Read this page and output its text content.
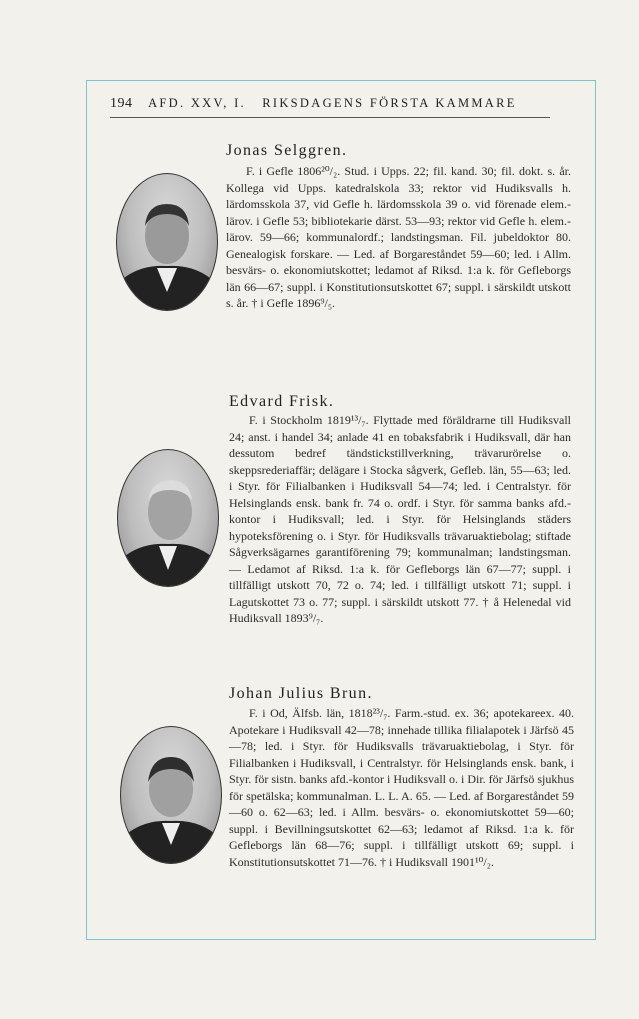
194 AFD. XXV, I. RIKSDAGENS FÖRSTA KAMMARE
Jonas Selggren.

F. i Gefle 1806²⁰/₂. Stud. i Upps. 22; fil. kand. 30; fil. dokt. s. år. Kollega vid Upps. katedralskola 33; rektor vid Hudiksvalls h. lärdomsskola 37, vid Gefle h. lärdomsskola 39 o. vid förenade elem.-lärov. i Gefle 53; bibliotekarie därst. 53—93; rektor vid Gefle h. elem.-lärov. 59—66; kommunalordf.; landstingsman. Fil. jubeldoktor 80. Genealogisk forskare. — Led. af Borgareståndet 59—60; led. i Allm. besvärs- o. ekonomiutskottet; ledamot af Riksd. 1:a k. för Gefleborgs län 66—67; suppl. i Konstitutionsutskottet 67; suppl. i särskildt utskott s. år. † i Gefle 1896⁹/₅.

Edvard Frisk.

F. i Stockholm 1819¹³/₇. Flyttade med föräldrarne till Hudiksvall 24; anst. i handel 34; anlade 41 en tobaksfabrik i Hudiksvall, där han dessutom bedref tändstickstillverkning, trävarurörelse o. skeppsrederiaffär; delägare i Stocka sågverk, Gefleb. län, 55—63; led. i Styr. för Filialbanken i Hudiksvall 54—74; led. i Centralstyr. för Helsinglands ensk. bank fr. 74 o. ordf. i Styr. för samma banks afd.-kontor i Hudiksvall; led. i Styr. för Helsinglands städers hypoteksförening o. i Styr. för Hudiksvalls trävaruaktiebolag; stiftade Sågverksägarnes garantiförening 79; kommunalman; landstingsman. — Ledamot af Riksd. 1:a k. för Gefleborgs län 67—77; suppl. i tillfälligt utskott 70, 72 o. 74; led. i tillfälligt utskott 71; suppl. i Lagutskottet 73 o. 77; suppl. i särskildt utskott 77. † å Helenedal vid Hudiksvall 1893⁹/₇.

Johan Julius Brun.

F. i Od, Älfsb. län, 1818²³/₇. Farm.-stud. ex. 36; apotekareex. 40. Apotekare i Hudiksvall 42—78; innehade tillika filialapotek i Järfsö 45—78; led. i Styr. för Hudiksvalls trävaruaktiebolag, i Styr. för Filialbanken i Hudiksvall, i Centralstyr. för Helsinglands ensk. bank, i Styr. för sistn. banks afd.-kontor i Hudiksvall o. i Dir. för Järfsö sjukhus för spetälska; kommunalman. L. L. A. 65. — Led. af Borgareståndet 59—60 o. 62—63; led. i Allm. besvärs- o. ekonomiutskottet 59—60; suppl. i Bevillningsutskottet 62—63; ledamot af Riksd. 1:a k. för Gefleborgs län 68—76; suppl. i tillfälligt utskott 69; suppl. i Konstitutionsutskottet 71—76. † i Hudiksvall 1901¹⁰/₂.
